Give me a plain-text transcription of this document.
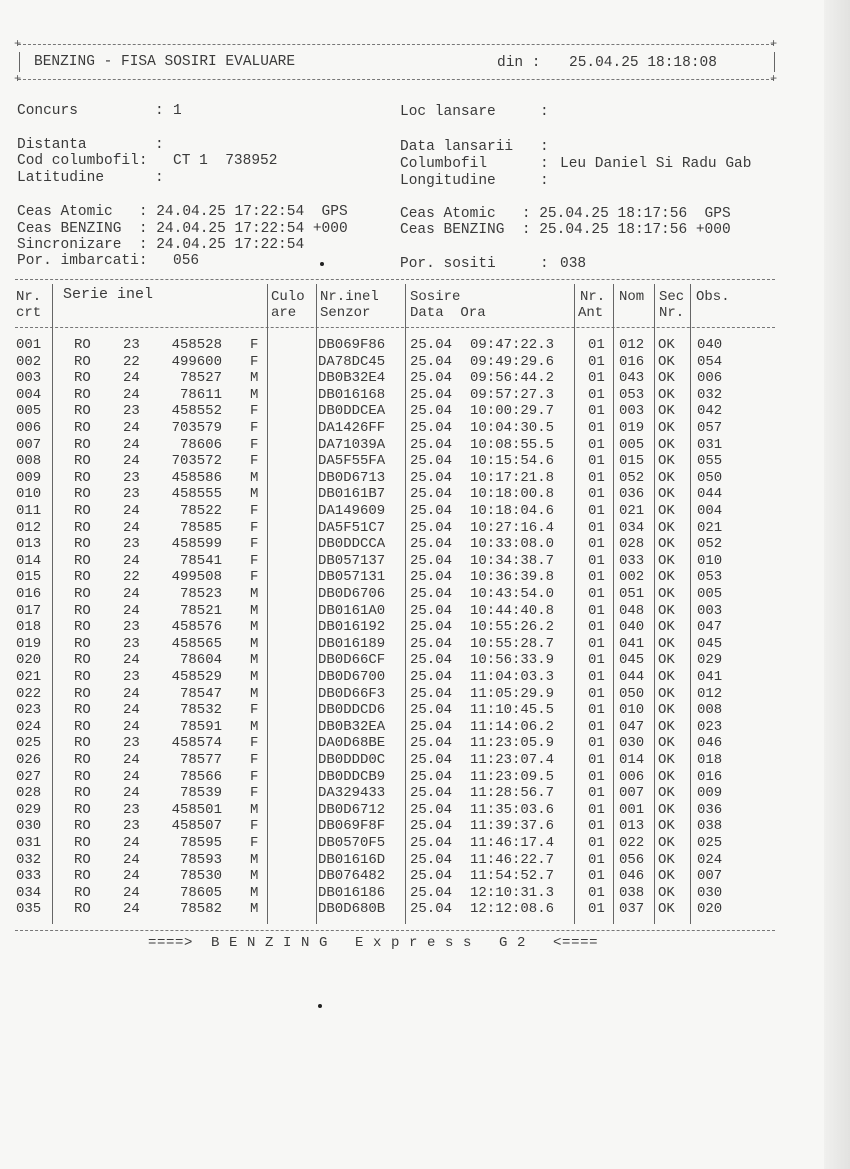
+	+
BENZING - FISA SOSIRI EVALUARE	din : 25.04.25 18:18:08
+	+
Concurs	: 1	Loc lansare	:
Distanta	:	Data lansarii :
Cod columbofil: CT 1  738952	Columbofil	: Leu Daniel Si Radu Gab
Latitudine	:	Longitudine	:
Ceas Atomic   : 24.04.25 17:22:54  GPS	Ceas Atomic   : 25.04.25 18:17:56  GPS
Ceas BENZING  : 24.04.25 17:22:54 +000	Ceas BENZING  : 25.04.25 18:17:56 +000
Sincronizare  : 24.04.25 17:22:54
Por. imbarcati: 056	Por. sositi	: 038
Nr.
crt
Serie inel	Culo
are
Nr.inel
Senzor
Sosire
Data  Ora
Nr.
Ant
Nom Sec
Nr.
Obs.
001 RO 23 458528 F	DB069F86 25.04 09:47:22.3 01 012 OK 040
002 RO 22 499600 F	DA78DC45 25.04 09:49:29.6 01 016 OK 054
003 RO 24	78527 M	DB0B32E4 25.04 09:56:44.2 01 043 OK 006
004 RO 24	78611 M	DB016168 25.04 09:57:27.3 01 053 OK 032
005 RO 23 458552 F	DB0DDCEA 25.04 10:00:29.7 01 003 OK 042
006 RO 24 703579 F	DA1426FF 25.04 10:04:30.5 01 019 OK 057
007 RO 24	78606 F	DA71039A 25.04 10:08:55.5 01 005 OK 031
008 RO 24 703572 F	DA5F55FA 25.04 10:15:54.6 01 015 OK 055
009 RO 23 458586 M	DB0D6713 25.04 10:17:21.8 01 052 OK 050
010 RO 23 458555 M	DB0161B7 25.04 10:18:00.8 01 036 OK 044
011 RO 24	78522 F	DA149609 25.04 10:18:04.6 01 021 OK 004
012 RO 24	78585 F	DA5F51C7 25.04 10:27:16.4 01 034 OK 021
013 RO 23 458599 F	DB0DDCCA 25.04 10:33:08.0 01 028 OK 052
014 RO 24	78541 F	DB057137 25.04 10:34:38.7 01 033 OK 010
015 RO 22 499508 F	DB057131 25.04 10:36:39.8 01 002 OK 053
016 RO 24	78523 M	DB0D6706 25.04 10:43:54.0 01 051 OK 005
017 RO 24	78521 M	DB0161A0 25.04 10:44:40.8 01 048 OK 003
018 RO 23 458576 M	DB016192 25.04 10:55:26.2 01 040 OK 047
019 RO 23 458565 M	DB016189 25.04 10:55:28.7 01 041 OK 045
020 RO 24	78604 M	DB0D66CF 25.04 10:56:33.9 01 045 OK 029
021 RO 23 458529 M	DB0D6700 25.04 11:04:03.3 01 044 OK 041
022 RO 24	78547 M	DB0D66F3 25.04 11:05:29.9 01 050 OK 012
023 RO 24	78532 F	DB0DDCD6 25.04 11:10:45.5 01 010 OK 008
024 RO 24	78591 M	DB0B32EA 25.04 11:14:06.2 01 047 OK 023
025 RO 23 458574 F	DA0D68BE 25.04 11:23:05.9 01 030 OK 046
026 RO 24	78577 F	DB0DDD0C 25.04 11:23:07.4 01 014 OK 018
027 RO 24	78566 F	DB0DDCB9 25.04 11:23:09.5 01 006 OK 016
028 RO 24	78539 F	DA329433 25.04 11:28:56.7 01 007 OK 009
029 RO 23 458501 M	DB0D6712 25.04 11:35:03.6 01 001 OK 036
030 RO 23 458507 F	DB069F8F 25.04 11:39:37.6 01 013 OK 038
031 RO 24	78595 F	DB0570F5 25.04 11:46:17.4 01 022 OK 025
032 RO 24	78593 M	DB01616D 25.04 11:46:22.7 01 056 OK 024
033 RO 24	78530 M	DB076482 25.04 11:54:52.7 01 046 OK 007
034 RO 24	78605 M	DB016186 25.04 12:10:31.3 01 038 OK 030
035 RO 24	78582 M	DB0D680B 25.04 12:12:08.6 01 037 OK 020
====>  B E N Z I N G   E x p r e s s   G 2   <====
